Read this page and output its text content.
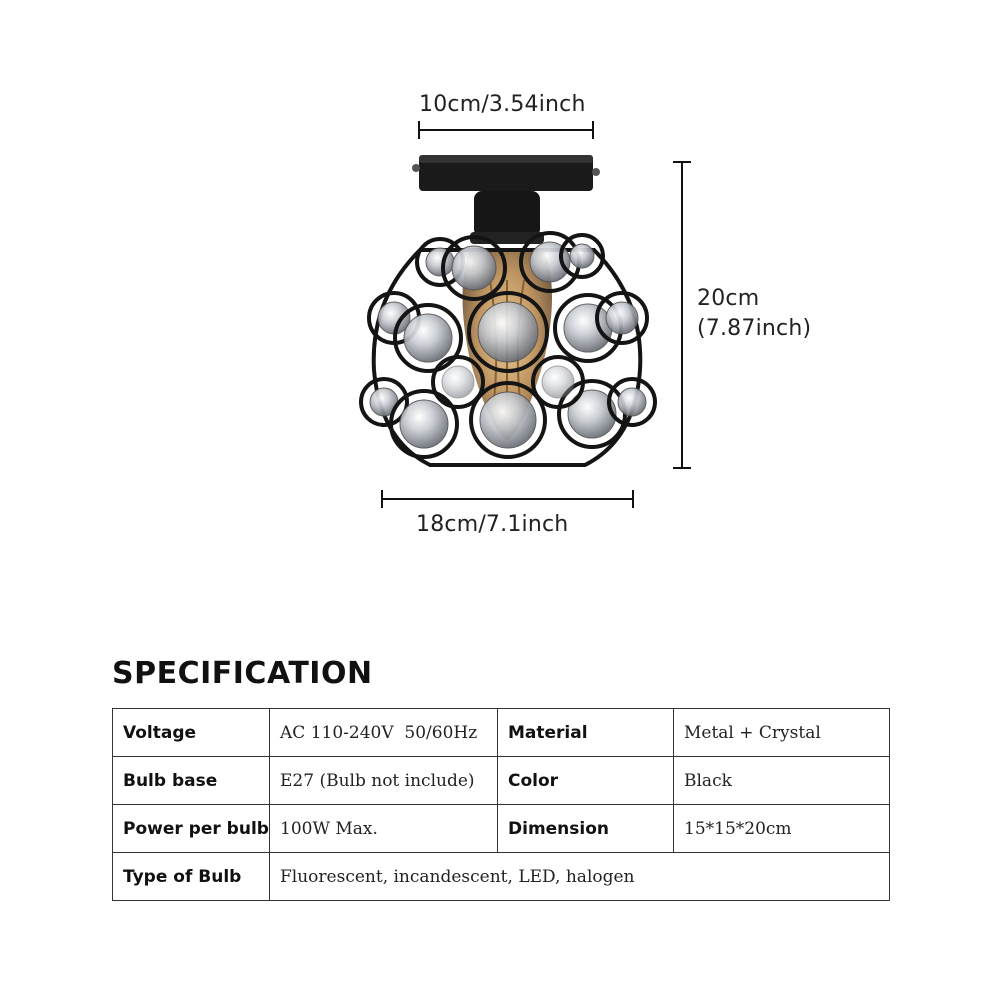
10cm/3.54inch
20cm
(7.87inch)
18cm/7.1inch
SPECIFICATION
Voltage	AC 110-240V  50/60Hz	Material	Metal + Crystal
Bulb base	E27 (Bulb not include)	Color	Black
Power per bulb	100W Max.	Dimension	15*15*20cm
Type of Bulb	Fluorescent, incandescent, LED, halogen		
